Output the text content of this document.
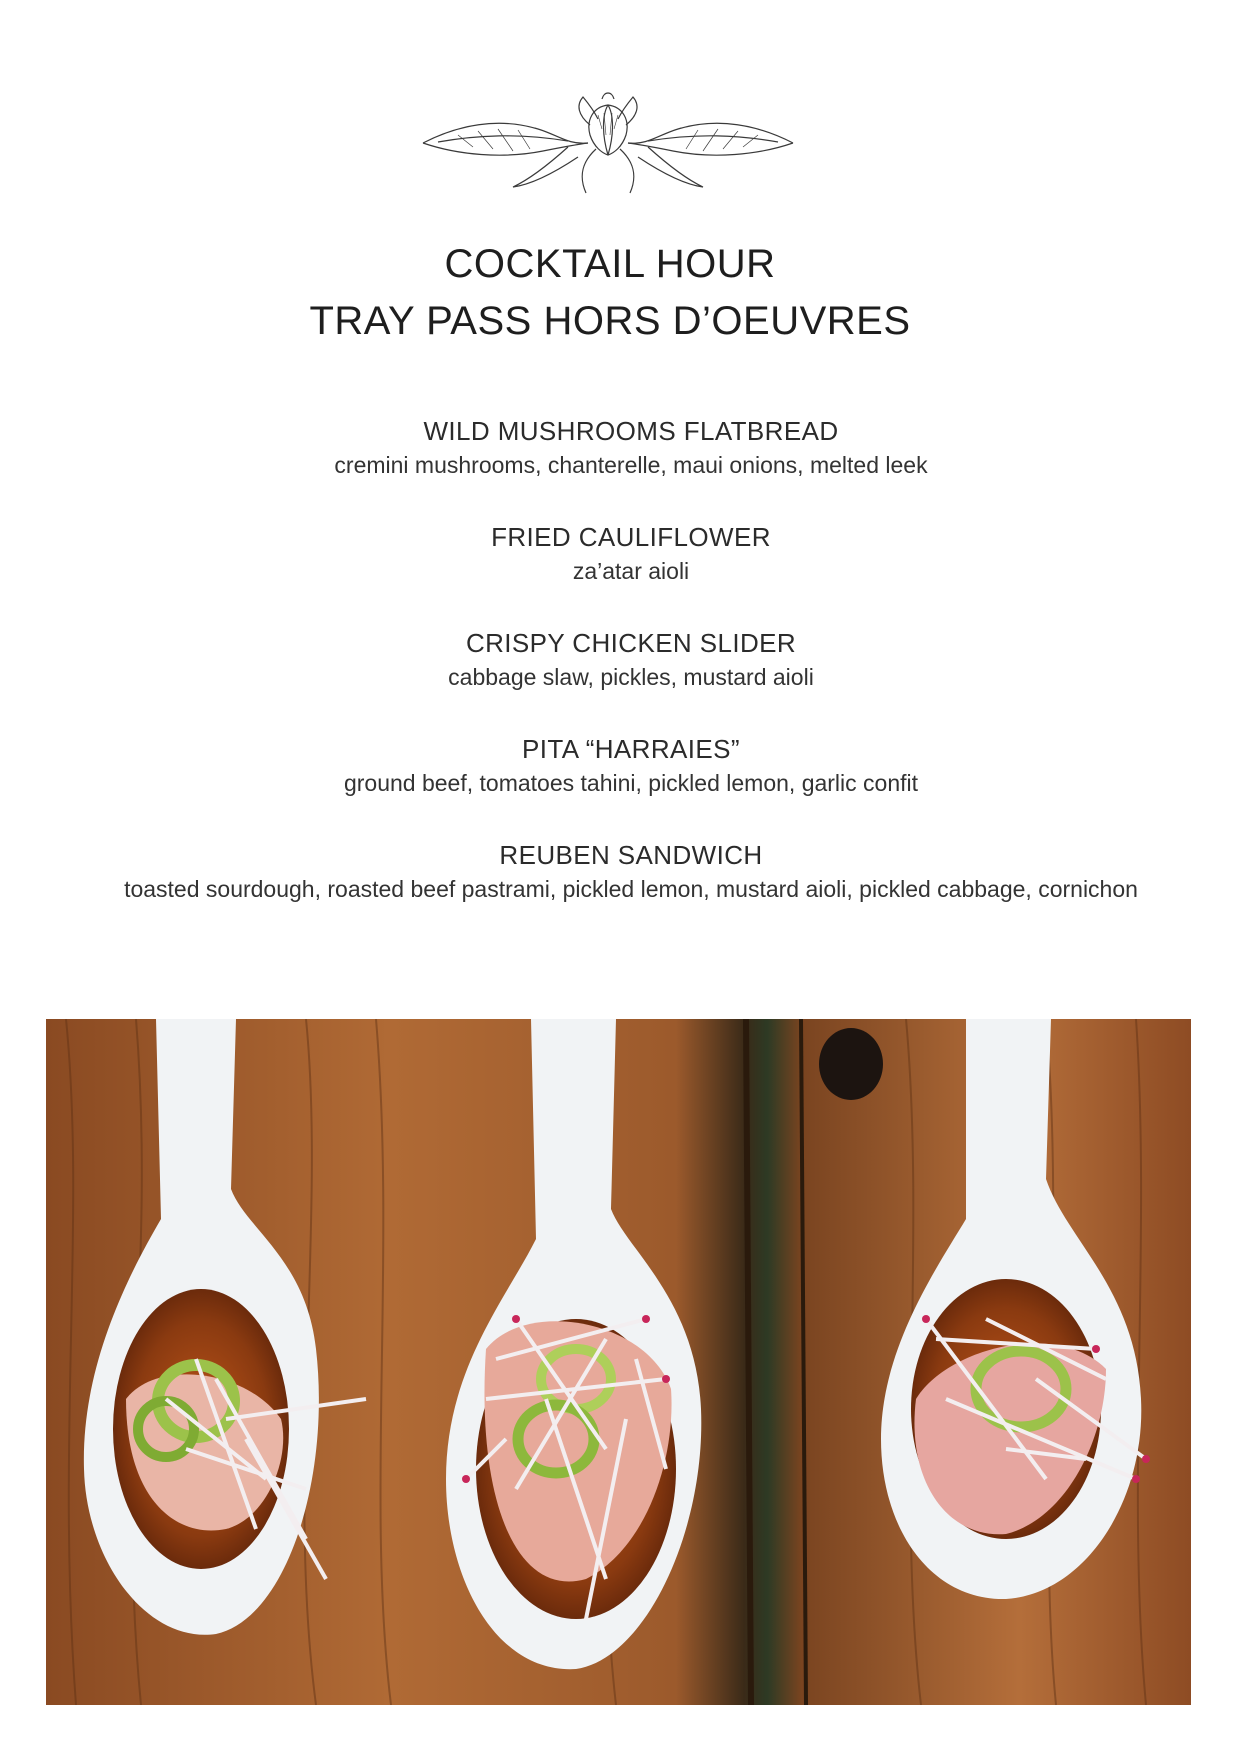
COCKTAIL HOUR

TRAY PASS HORS D’OEUVRES

WILD MUSHROOMS FLATBREAD

cremini mushrooms, chanterelle, maui onions, melted leek

FRIED CAULIFLOWER

za’atar aioli

CRISPY CHICKEN SLIDER

cabbage slaw, pickles, mustard aioli

PITA “HARRAIES”

ground beef, tomatoes tahini, pickled lemon, garlic confit

REUBEN SANDWICH

toasted sourdough, roasted beef pastrami, pickled lemon, mustard aioli, pickled cabbage, cornichon
